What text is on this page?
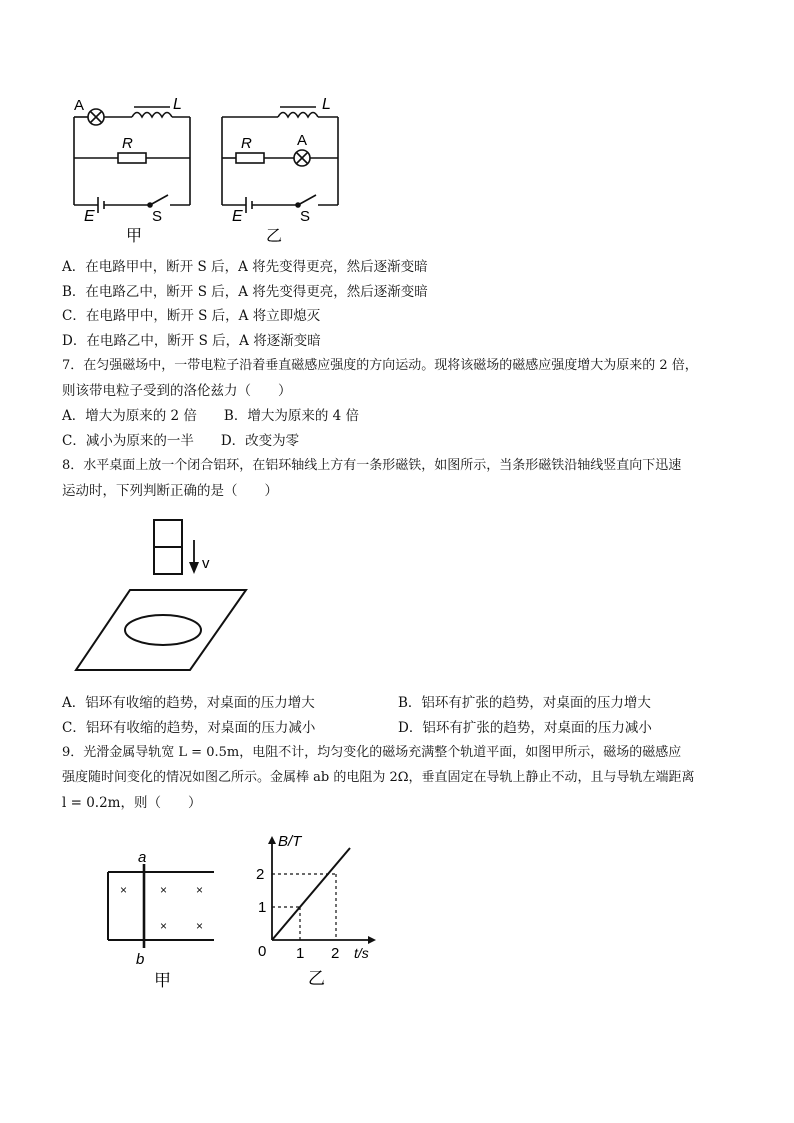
A	L
R
E	S
甲
A
L
R
E	S
乙
A．在电路甲中，断开 S 后，A 将先变得更亮，然后逐渐变暗
B．在电路乙中，断开 S 后，A 将先变得更亮，然后逐渐变暗
C．在电路甲中，断开 S 后，A 将立即熄灭
D．在电路乙中，断开 S 后，A 将逐渐变暗
7．在匀强磁场中，一带电粒子沿着垂直磁感应强度的方向运动。现将该磁场的磁感应强度增大为原来的 2 倍，
则该带电粒子受到的洛伦兹力（　　）
A．增大为原来的 2 倍　　B．增大为原来的 4 倍
C．减小为原来的一半　　D．改变为零
8．水平桌面上放一个闭合铝环，在铝环轴线上方有一条形磁铁，如图所示，当条形磁铁沿轴线竖直向下迅速
运动时，下列判断正确的是（　　）
v
A．铝环有收缩的趋势，对桌面的压力增大	B．铝环有扩张的趋势，对桌面的压力增大
C．铝环有收缩的趋势，对桌面的压力减小	D．铝环有扩张的趋势，对桌面的压力减小
9．光滑金属导轨宽 L = 0.5m，电阻不计，均匀变化的磁场充满整个轨道平面，如图甲所示，磁场的磁感应
强度随时间变化的情况如图乙所示。金属棒 ab 的电阻为 2Ω，垂直固定在导轨上静止不动，且与导轨左端距离
l = 0.2m，则（　　）
×	× ×
× ×
a
b
甲
B/T
t/s
0
2
1
1 2
乙
